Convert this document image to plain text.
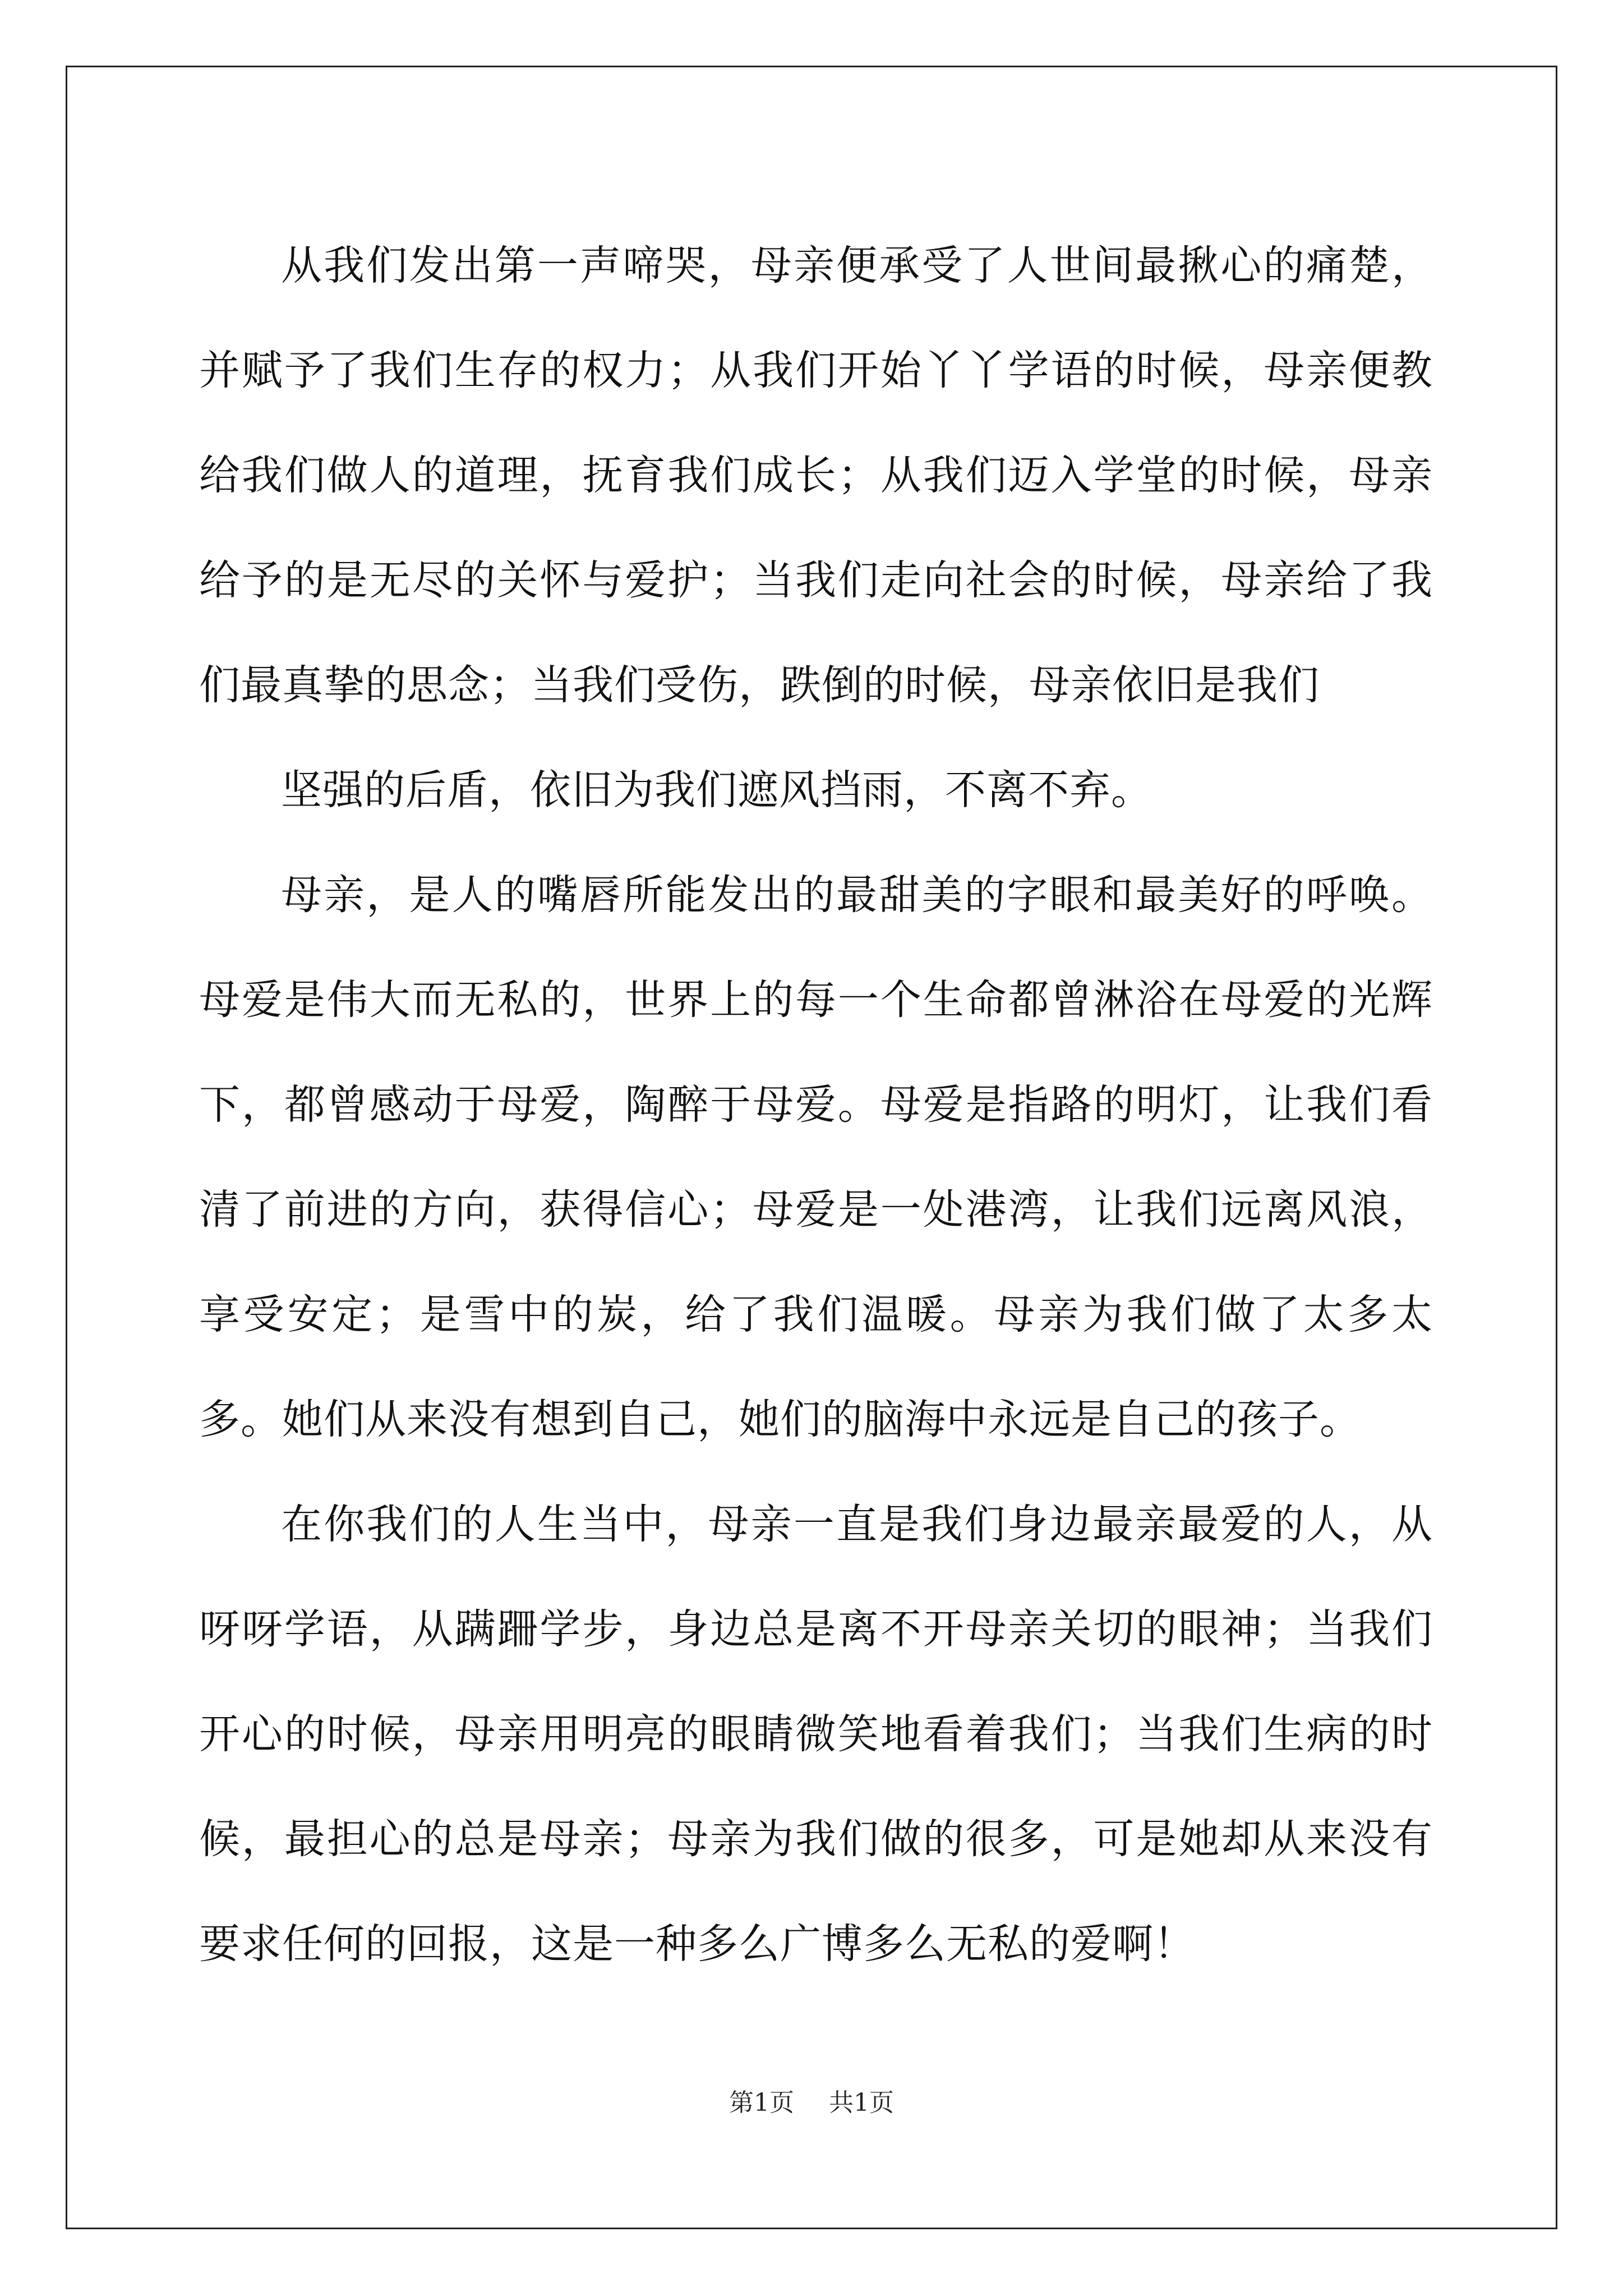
从我们发出第一声啼哭，母亲便承受了人世间最揪心的痛楚，并赋予了我们生存的权力；从我们开始丫丫学语的时候，母亲便教给我们做人的道理，抚育我们成长；从我们迈入学堂的时候，母亲给予的是无尽的关怀与爱护；当我们走向社会的时候，母亲给了我们最真挚的思念；当我们受伤，跌倒的时候，母亲依旧是我们

坚强的后盾，依旧为我们遮风挡雨，不离不弃。

母亲，是人的嘴唇所能发出的最甜美的字眼和最美好的呼唤。母爱是伟大而无私的，世界上的每一个生命都曾淋浴在母爱的光辉下，都曾感动于母爱，陶醉于母爱。母爱是指路的明灯，让我们看清了前进的方向，获得信心；母爱是一处港湾，让我们远离风浪，享受安定；是雪中的炭，给了我们温暖。母亲为我们做了太多太多。她们从来没有想到自己，她们的脑海中永远是自己的孩子。

在你我们的人生当中，母亲一直是我们身边最亲最爱的人，从呀呀学语，从蹒跚学步，身边总是离不开母亲关切的眼神；当我们开心的时候，母亲用明亮的眼睛微笑地看着我们；当我们生病的时候，最担心的总是母亲；母亲为我们做的很多，可是她却从来没有要求任何的回报，这是一种多么广博多么无私的爱啊！

第1页 共1页
